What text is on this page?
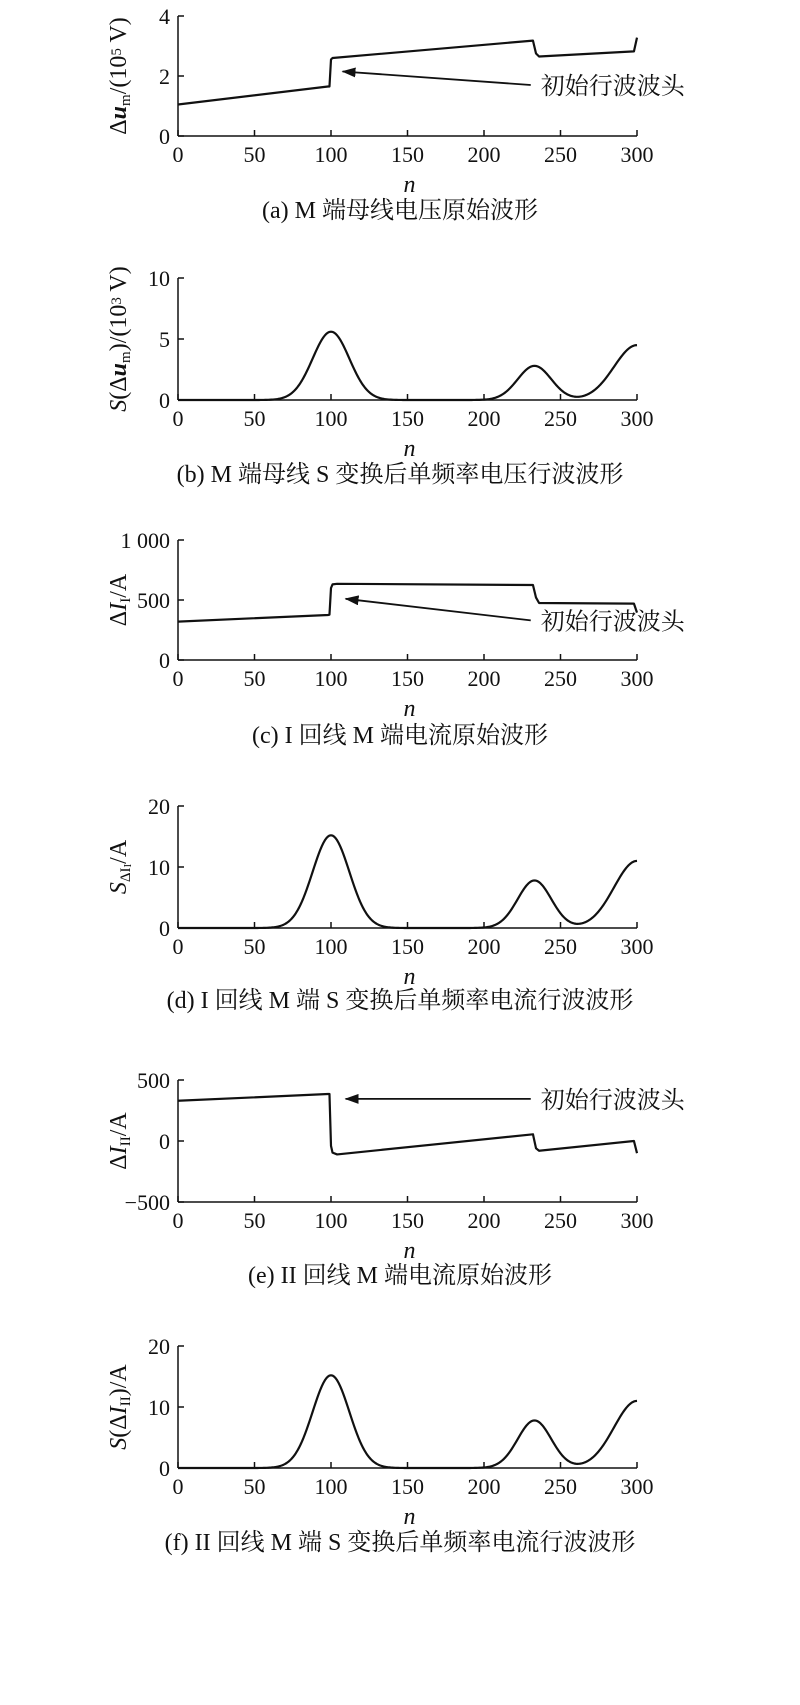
0	50 100 150 200 250 300
0
2
4
n
Δum/(105 V)
初始行波波头
(a) M 端母线电压原始波形
0	50 100 150 200 250 300
0
5
10
n
S(Δum)/(103 V)
(b) M 端母线 S 变换后单频率电压行波波形
0	50 100 150 200 250 300
0
500
1 000
n
ΔII/A
初始行波波头
(c) I 回线 M 端电流原始波形
0	50 100 150 200 250 300
0
10
20
n
SΔII/A
(d) I 回线 M 端 S 变换后单频率电流行波波形
0	50 100 150 200 250 300
−500
0
500
n
ΔIII/A
初始行波波头
(e) II 回线 M 端电流原始波形
0	50 100 150 200 250 300
0
10
20
n
S(ΔIII)/A
(f) II 回线 M 端 S 变换后单频率电流行波波形
